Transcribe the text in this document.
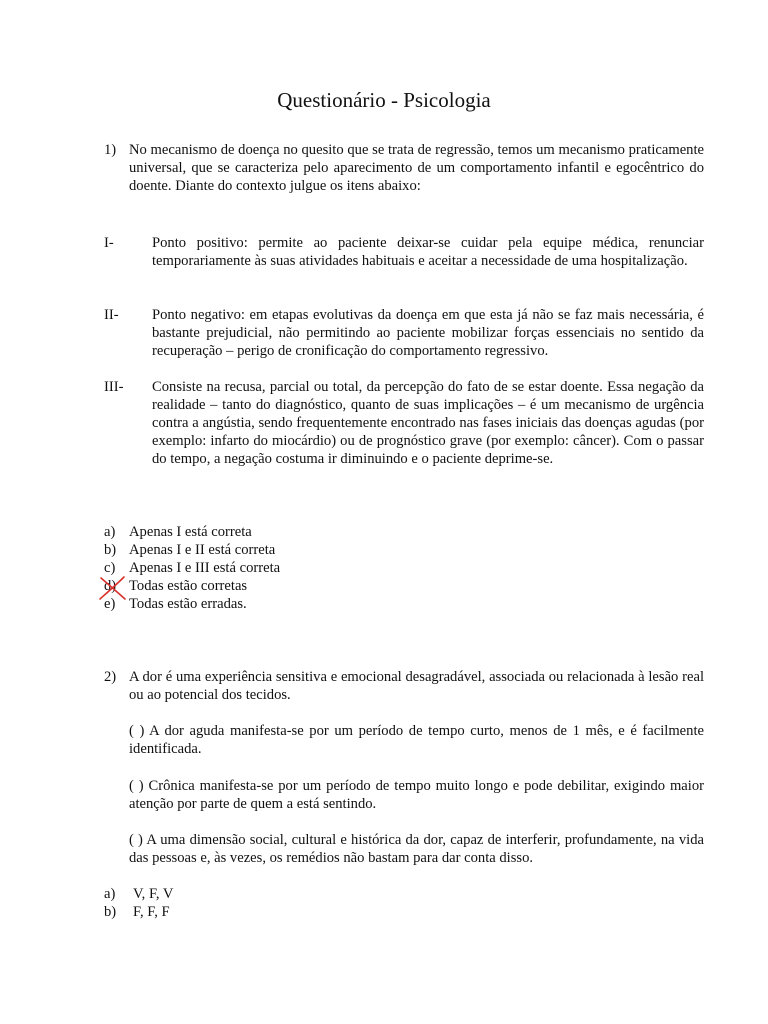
Questionário - Psicologia
1) No mecanismo de doença no quesito que se trata de regressão, temos um mecanismo praticamente universal, que se caracteriza pelo aparecimento de um comportamento infantil e egocêntrico do doente. Diante do contexto julgue os itens abaixo:
I-	Ponto positivo: permite ao paciente deixar-se cuidar pela equipe médica, renunciar temporariamente às suas atividades habituais e aceitar a necessidade de uma hospitalização.
II- Ponto negativo: em etapas evolutivas da doença em que esta já não se faz mais necessária, é bastante prejudicial, não permitindo ao paciente mobilizar forças essenciais no sentido da recuperação – perigo de cronificação do comportamento regressivo.
III- Consiste na recusa, parcial ou total, da percepção do fato de se estar doente. Essa negação da realidade – tanto do diagnóstico, quanto de suas implicações – é um mecanismo de urgência contra a angústia, sendo frequentemente encontrado nas fases iniciais das doenças agudas (por exemplo: infarto do miocárdio) ou de prognóstico grave (por exemplo: câncer). Com o passar do tempo, a negação costuma ir diminuindo e o paciente deprime-se.
a) Apenas I está correta
b) Apenas I e II está correta
c) Apenas I e III está correta
d) Todas estão corretas
e) Todas estão erradas.
2) A dor é uma experiência sensitiva e emocional desagradável, associada ou relacionada à lesão real ou ao potencial dos tecidos.
( ) A dor aguda manifesta-se por um período de tempo curto, menos de 1 mês, e é facilmente identificada.
( ) Crônica manifesta-se por um período de tempo muito longo e pode debilitar, exigindo maior atenção por parte de quem a está sentindo.
( ) A uma dimensão social, cultural e histórica da dor, capaz de interferir, profundamente, na vida das pessoas e, às vezes, os remédios não bastam para dar conta disso.
a) V, F, V
b) F, F, F
